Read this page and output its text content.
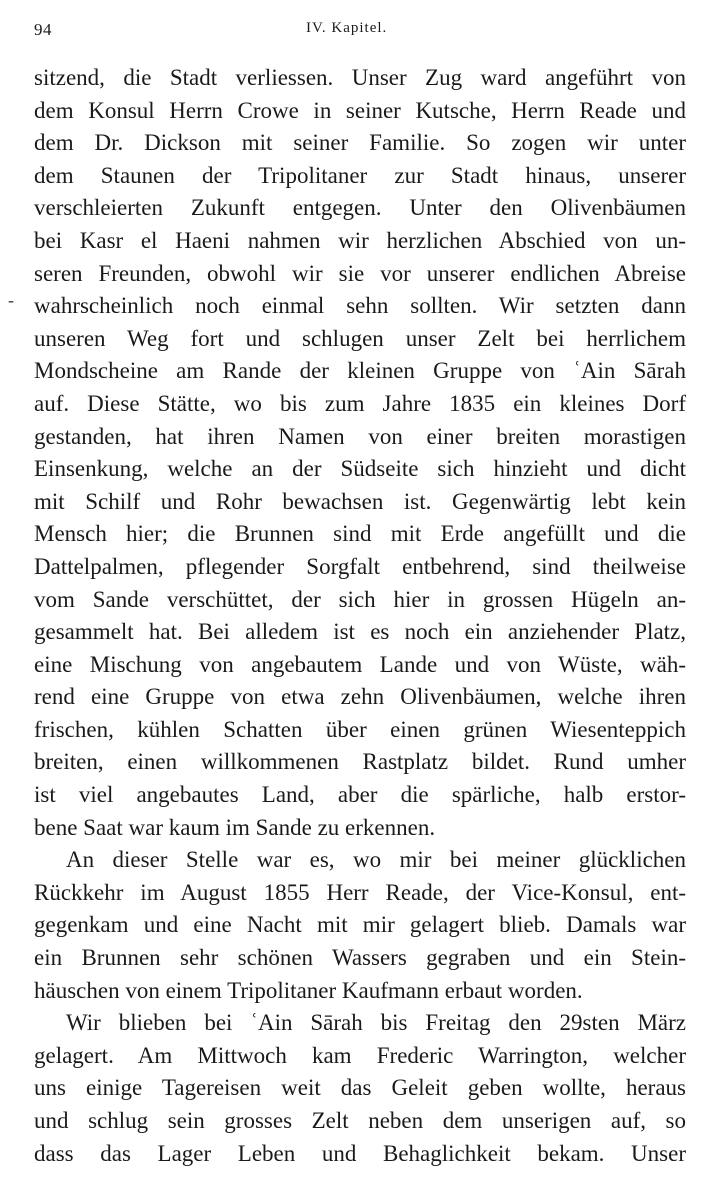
94	IV. Kapitel.
-
sitzend, die Stadt verliessen. Unser Zug ward angeführt von
dem Konsul Herrn Crowe in seiner Kutsche, Herrn Reade und
dem Dr. Dickson mit seiner Familie. So zogen wir unter
dem Staunen der Tripolitaner zur Stadt hinaus, unserer
verschleierten Zukunft entgegen. Unter den Olivenbäumen
bei Kasr el Haeni nahmen wir herzlichen Abschied von un-
seren Freunden, obwohl wir sie vor unserer endlichen Abreise
wahrscheinlich noch einmal sehn sollten. Wir setzten dann
unseren Weg fort und schlugen unser Zelt bei herrlichem
Mondscheine am Rande der kleinen Gruppe von ʿAin Sārah
auf. Diese Stätte, wo bis zum Jahre 1835 ein kleines Dorf
gestanden, hat ihren Namen von einer breiten morastigen
Einsenkung, welche an der Südseite sich hinzieht und dicht
mit Schilf und Rohr bewachsen ist. Gegenwärtig lebt kein
Mensch hier; die Brunnen sind mit Erde angefüllt und die
Dattelpalmen, pflegender Sorgfalt entbehrend, sind theilweise
vom Sande verschüttet, der sich hier in grossen Hügeln an-
gesammelt hat. Bei alledem ist es noch ein anziehender Platz,
eine Mischung von angebautem Lande und von Wüste, wäh-
rend eine Gruppe von etwa zehn Olivenbäumen, welche ihren
frischen, kühlen Schatten über einen grünen Wiesenteppich
breiten, einen willkommenen Rastplatz bildet. Rund umher
ist viel angebautes Land, aber die spärliche, halb erstor-
bene Saat war kaum im Sande zu erkennen.
An dieser Stelle war es, wo mir bei meiner glücklichen
Rückkehr im August 1855 Herr Reade, der Vice-Konsul, ent-
gegenkam und eine Nacht mit mir gelagert blieb. Damals war
ein Brunnen sehr schönen Wassers gegraben und ein Stein-
häuschen von einem Tripolitaner Kaufmann erbaut worden.
Wir blieben bei ʿAin Sārah bis Freitag den 29sten März
gelagert. Am Mittwoch kam Frederic Warrington, welcher
uns einige Tagereisen weit das Geleit geben wollte, heraus
und schlug sein grosses Zelt neben dem unserigen auf, so
dass das Lager Leben und Behaglichkeit bekam. Unser
